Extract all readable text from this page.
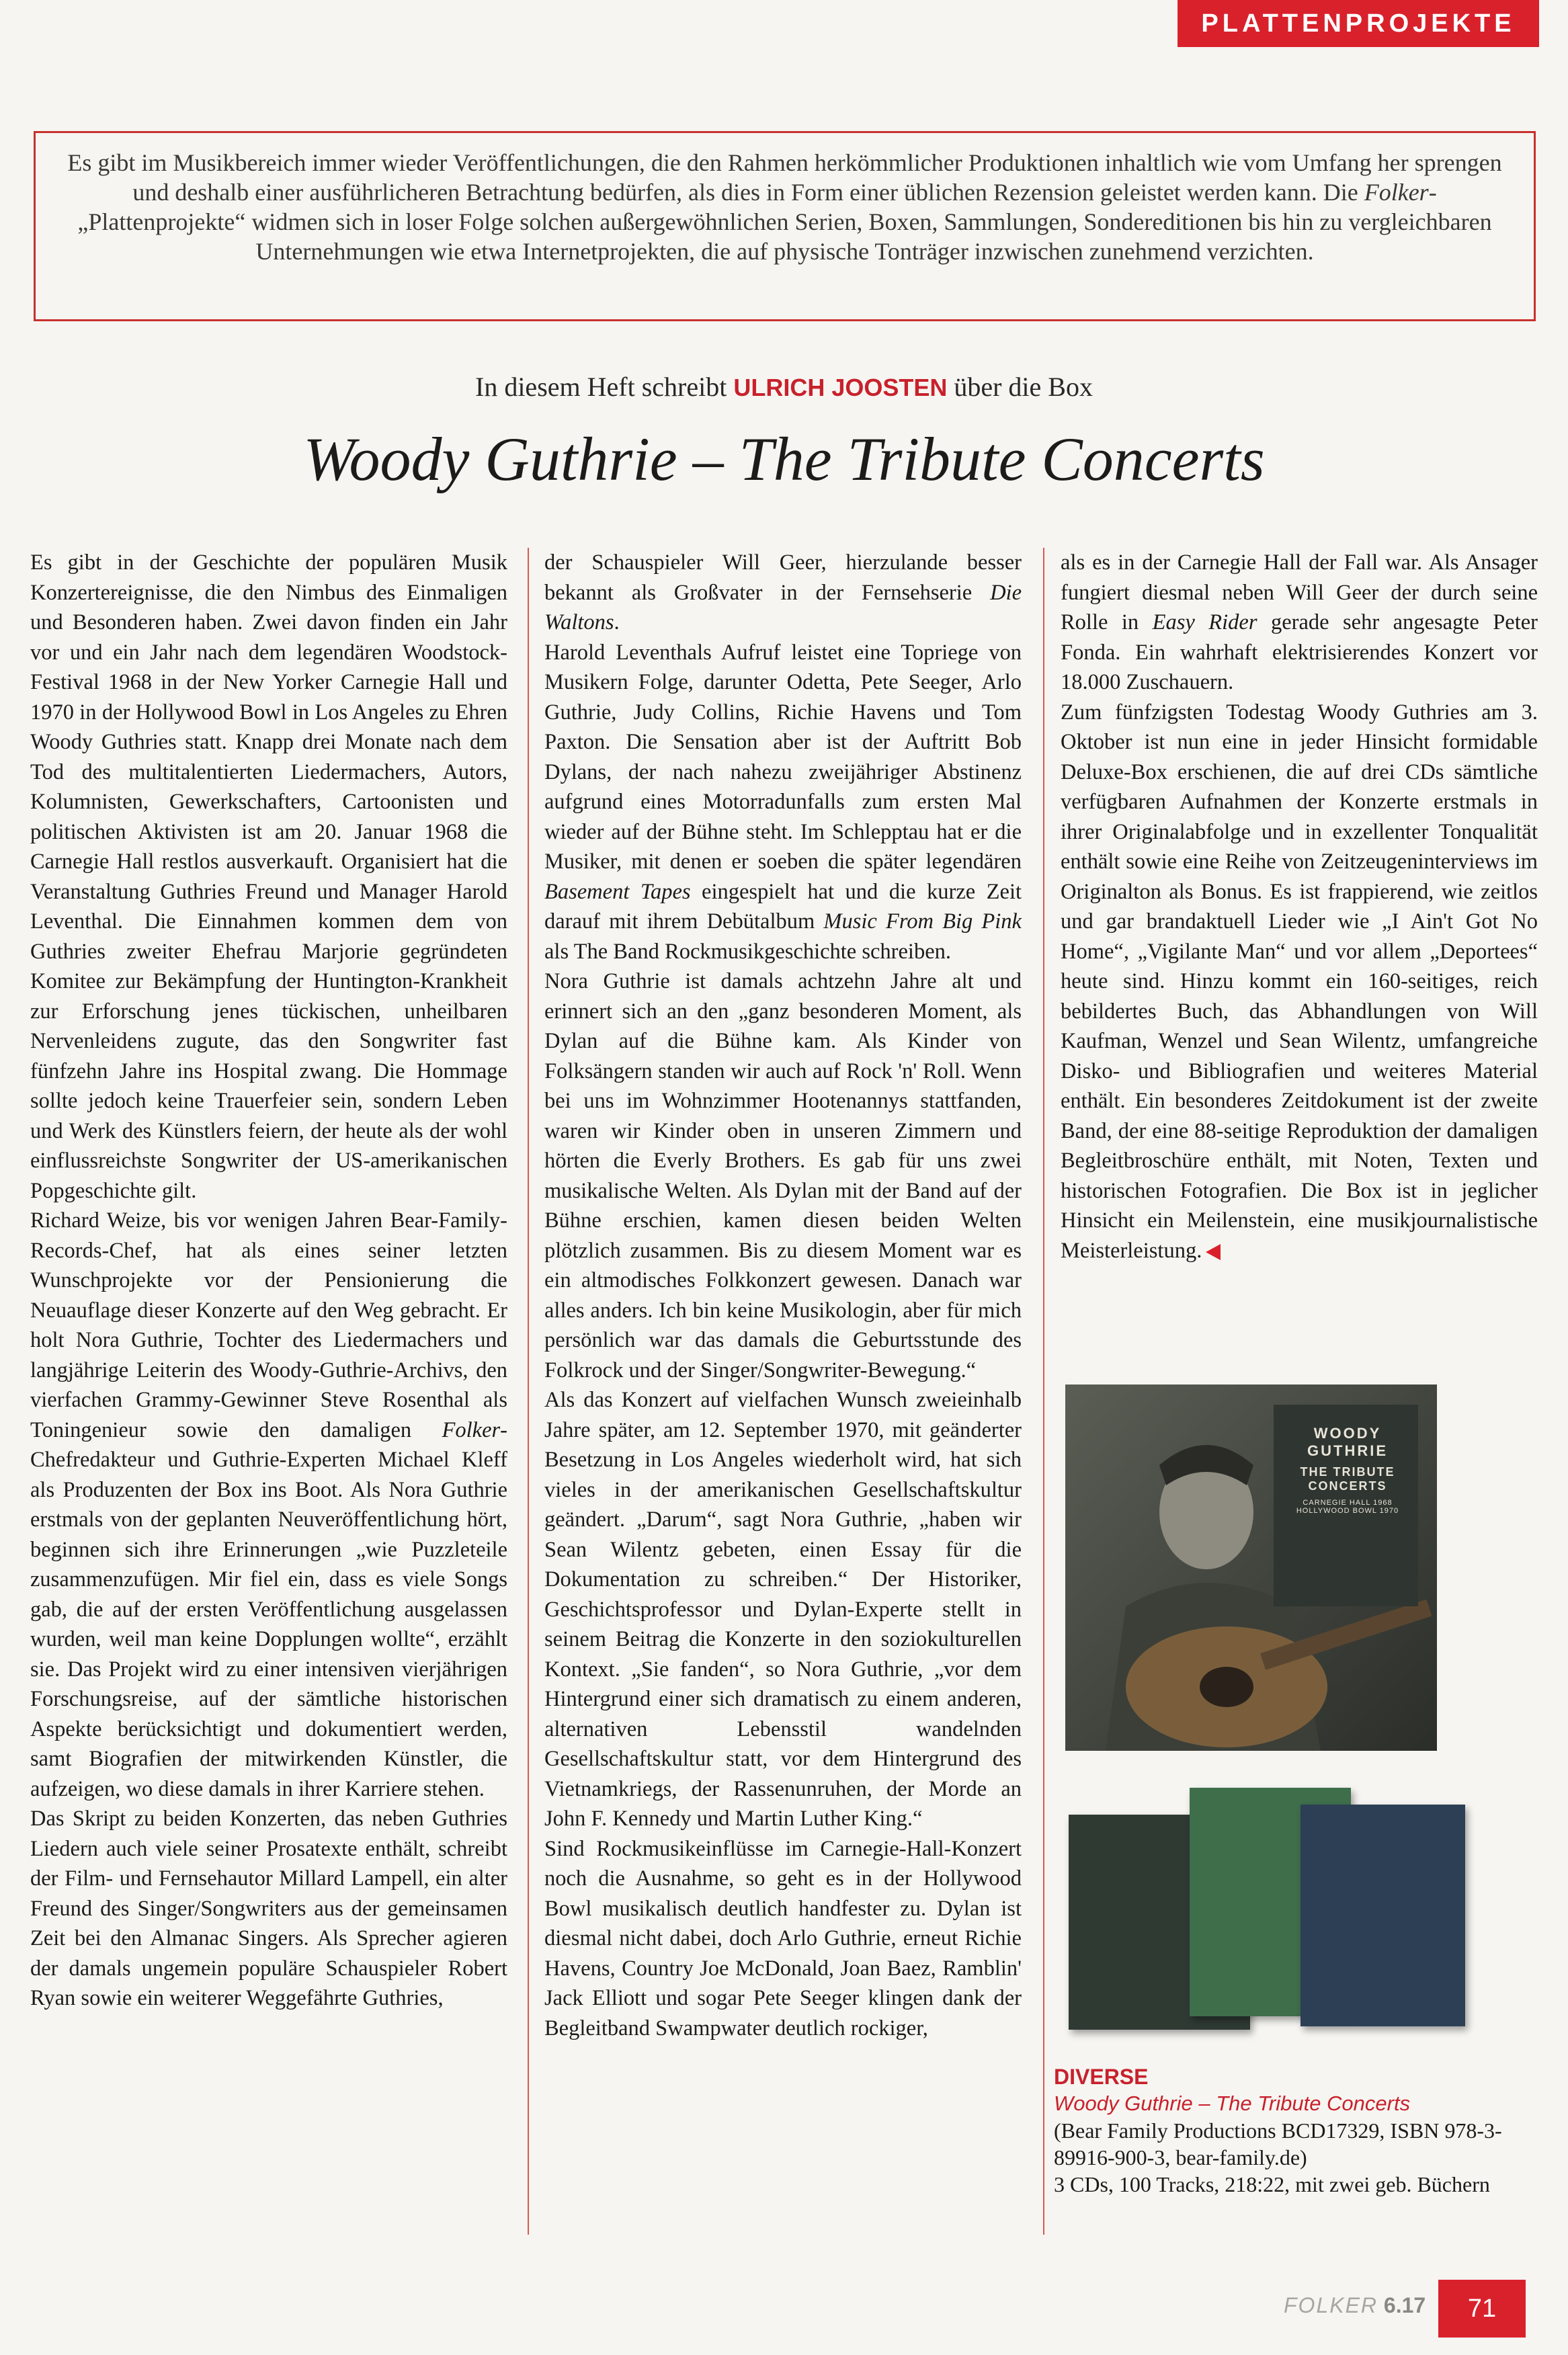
PLATTENPROJEKTE
Es gibt im Musikbereich immer wieder Veröffentlichungen, die den Rahmen herkömmlicher Produktionen inhaltlich wie vom Umfang her sprengen und deshalb einer ausführlicheren Betrachtung bedürfen, als dies in Form einer üblichen Rezension geleistet werden kann. Die Folker-„Plattenprojekte“ widmen sich in loser Folge solchen außergewöhnlichen Serien, Boxen, Sammlungen, Sondereditionen bis hin zu vergleichbaren Unternehmungen wie etwa Internetprojekten, die auf physische Tonträger inzwischen zunehmend verzichten.
In diesem Heft schreibt ULRICH JOOSTEN über die Box
Woody Guthrie – The Tribute Concerts

Es gibt in der Geschichte der populären Musik Konzertereignisse, die den Nimbus des Einmaligen und Besonderen haben. Zwei davon finden ein Jahr vor und ein Jahr nach dem legendären Woodstock-Festival 1968 in der New Yorker Carnegie Hall und 1970 in der Hollywood Bowl in Los Angeles zu Ehren Woody Guthries statt. Knapp drei Monate nach dem Tod des multitalentierten Liedermachers, Autors, Kolumnisten, Gewerkschafters, Cartoonisten und politischen Aktivisten ist am 20. Januar 1968 die Carnegie Hall restlos ausverkauft. Organisiert hat die Veranstaltung Guthries Freund und Manager Harold Leventhal. Die Einnahmen kommen dem von Guthries zweiter Ehefrau Marjorie gegründeten Komitee zur Bekämpfung der Huntington-Krankheit zur Erforschung jenes tückischen, unheilbaren Nervenleidens zugute, das den Songwriter fast fünfzehn Jahre ins Hospital zwang. Die Hommage sollte jedoch keine Trauerfeier sein, sondern Leben und Werk des Künstlers feiern, der heute als der wohl einflussreichste Songwriter der US-amerikanischen Popgeschichte gilt.

Richard Weize, bis vor wenigen Jahren Bear-Family-Records-Chef, hat als eines seiner letzten Wunschprojekte vor der Pensionierung die Neuauflage dieser Konzerte auf den Weg gebracht. Er holt Nora Guthrie, Tochter des Liedermachers und langjährige Leiterin des Woody-Guthrie-Archivs, den vierfachen Grammy-Gewinner Steve Rosenthal als Toningenieur sowie den damaligen Folker-Chefredakteur und Guthrie-Experten Michael Kleff als Produzenten der Box ins Boot. Als Nora Guthrie erstmals von der geplanten Neuveröffentlichung hört, beginnen sich ihre Erinnerungen „wie Puzzleteile zusammenzufügen. Mir fiel ein, dass es viele Songs gab, die auf der ersten Veröffentlichung ausgelassen wurden, weil man keine Dopplungen wollte“, erzählt sie. Das Projekt wird zu einer intensiven vierjährigen Forschungsreise, auf der sämtliche historischen Aspekte berücksichtigt und dokumentiert werden, samt Biografien der mitwirkenden Künstler, die aufzeigen, wo diese damals in ihrer Karriere stehen.

Das Skript zu beiden Konzerten, das neben Guthries Liedern auch viele seiner Prosatexte enthält, schreibt der Film- und Fernsehautor Millard Lampell, ein alter Freund des Singer/Songwriters aus der gemeinsamen Zeit bei den Almanac Singers. Als Sprecher agieren der damals ungemein populäre Schauspieler Robert Ryan sowie ein weiterer Weggefährte Guthries,

der Schauspieler Will Geer, hierzulande besser bekannt als Großvater in der Fernsehserie Die Waltons.

Harold Leventhals Aufruf leistet eine Topriege von Musikern Folge, darunter Odetta, Pete Seeger, Arlo Guthrie, Judy Collins, Richie Havens und Tom Paxton. Die Sensation aber ist der Auftritt Bob Dylans, der nach nahezu zweijähriger Abstinenz aufgrund eines Motorradunfalls zum ersten Mal wieder auf der Bühne steht. Im Schlepptau hat er die Musiker, mit denen er soeben die später legendären Basement Tapes eingespielt hat und die kurze Zeit darauf mit ihrem Debütalbum Music From Big Pink als The Band Rockmusikgeschichte schreiben.

Nora Guthrie ist damals achtzehn Jahre alt und erinnert sich an den „ganz besonderen Moment, als Dylan auf die Bühne kam. Als Kinder von Folksängern standen wir auch auf Rock 'n' Roll. Wenn bei uns im Wohnzimmer Hootenannys stattfanden, waren wir Kinder oben in unseren Zimmern und hörten die Everly Brothers. Es gab für uns zwei musikalische Welten. Als Dylan mit der Band auf der Bühne erschien, kamen diesen beiden Welten plötzlich zusammen. Bis zu diesem Moment war es ein altmodisches Folkkonzert gewesen. Danach war alles anders. Ich bin keine Musikologin, aber für mich persönlich war das damals die Geburtsstunde des Folkrock und der Singer/Songwriter-Bewegung.“

Als das Konzert auf vielfachen Wunsch zweieinhalb Jahre später, am 12. September 1970, mit geänderter Besetzung in Los Angeles wiederholt wird, hat sich vieles in der amerikanischen Gesellschaftskultur geändert. „Darum“, sagt Nora Guthrie, „haben wir Sean Wilentz gebeten, einen Essay für die Dokumentation zu schreiben.“ Der Historiker, Geschichtsprofessor und Dylan-Experte stellt in seinem Beitrag die Konzerte in den soziokulturellen Kontext. „Sie fanden“, so Nora Guthrie, „vor dem Hintergrund einer sich dramatisch zu einem anderen, alternativen Lebensstil wandelnden Gesellschaftskultur statt, vor dem Hintergrund des Vietnamkriegs, der Rassenunruhen, der Morde an John F. Kennedy und Martin Luther King.“

Sind Rockmusikeinflüsse im Carnegie-Hall-Konzert noch die Ausnahme, so geht es in der Hollywood Bowl musikalisch deutlich handfester zu. Dylan ist diesmal nicht dabei, doch Arlo Guthrie, erneut Richie Havens, Country Joe McDonald, Joan Baez, Ramblin' Jack Elliott und sogar Pete Seeger klingen dank der Begleitband Swampwater deutlich rockiger,

als es in der Carnegie Hall der Fall war. Als Ansager fungiert diesmal neben Will Geer der durch seine Rolle in Easy Rider gerade sehr angesagte Peter Fonda. Ein wahrhaft elektrisierendes Konzert vor 18.000 Zuschauern.

Zum fünfzigsten Todestag Woody Guthries am 3. Oktober ist nun eine in jeder Hinsicht formidable Deluxe-Box erschienen, die auf drei CDs sämtliche verfügbaren Aufnahmen der Konzerte erstmals in ihrer Originalabfolge und in exzellenter Tonqualität enthält sowie eine Reihe von Zeitzeugeninterviews im Originalton als Bonus. Es ist frappierend, wie zeitlos und gar brandaktuell Lieder wie „I Ain't Got No Home“, „Vigilante Man“ und vor allem „Deportees“ heute sind. Hinzu kommt ein 160-seitiges, reich bebildertes Buch, das Abhandlungen von Will Kaufman, Wenzel und Sean Wilentz, umfangreiche Disko- und Bibliografien und weiteres Material enthält. Ein besonderes Zeitdokument ist der zweite Band, der eine 88-seitige Reproduktion der damaligen Begleitbroschüre enthält, mit Noten, Texten und historischen Fotografien. Die Box ist in jeglicher Hinsicht ein Meilenstein, eine musikjournalistische Meisterleistung.

WOODY
GUTHRIE
THE TRIBUTE
CONCERTS
CARNEGIE HALL 1968
HOLLYWOOD BOWL 1970
DIVERSE
Woody Guthrie – The Tribute Concerts
(Bear Family Productions BCD17329, ISBN 978-3-89916-900-3, bear-family.de)
3 CDs, 100 Tracks, 218:22, mit zwei geb. Büchern
FOLKER 6.17	71
